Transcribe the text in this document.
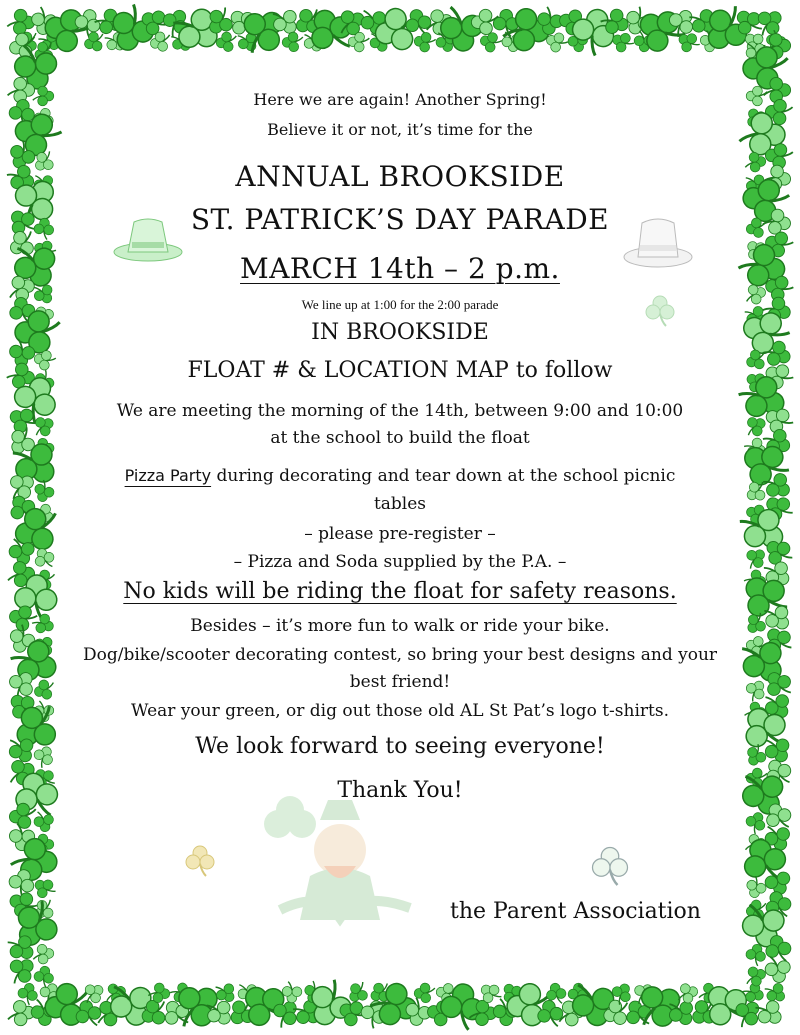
Here we are again! Another Spring!
Believe it or not, it’s time for the
ANNUAL BROOKSIDE
ST. PATRICK’S DAY PARADE
MARCH 14th – 2 p.m.
We line up at 1:00 for the 2:00 parade
IN BROOKSIDE
FLOAT # & LOCATION MAP to follow
We are meeting the morning of the 14th, between 9:00 and 10:00
at the school to build the float
Pizza Party during decorating and tear down at the school picnic
tables
– please pre-register –
– Pizza and Soda supplied by the P.A. –
No kids will be riding the float for safety reasons.
Besides – it’s more fun to walk or ride your bike.
Dog/bike/scooter decorating contest, so bring your best designs and your
best friend!
Wear your green, or dig out those old AL St Pat’s logo t-shirts.
We look forward to seeing everyone!
Thank You!
the Parent Association
